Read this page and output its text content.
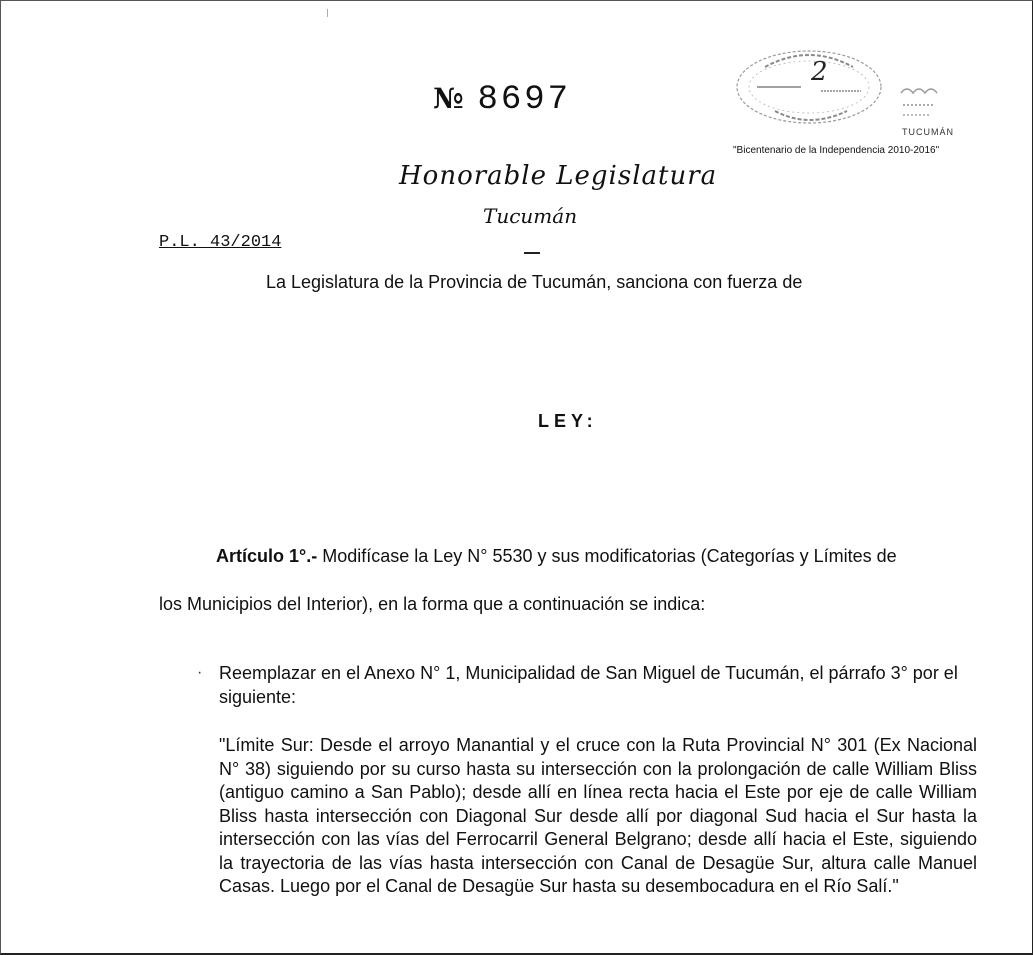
№ 8697
2
TUCUMÁN
"Bicentenario de la Independencia 2010-2016"
Honorable Legislatura
Tucumán
P.L. 43/2014
La Legislatura de la Provincia de Tucumán, sanciona con fuerza de
LEY:
Artículo 1°.- Modifícase la Ley N° 5530 y sus modificatorias (Categorías y Límites de
los Municipios del Interior), en la forma que a continuación se indica:
· Reemplazar en el Anexo N° 1, Municipalidad de San Miguel de Tucumán, el párrafo 3° por el siguiente:
"Límite Sur: Desde el arroyo Manantial y el cruce con la Ruta Provincial N° 301 (Ex Nacional N° 38) siguiendo por su curso hasta su intersección con la prolongación de calle William Bliss (antiguo camino a San Pablo); desde allí en línea recta hacia el Este por eje de calle William Bliss hasta intersección con Diagonal Sur desde allí por diagonal Sud hacia el Sur hasta la intersección con las vías del Ferrocarril General Belgrano; desde allí hacia el Este, siguiendo la trayectoria de las vías hasta intersección con Canal de Desagüe Sur, altura calle Manuel Casas. Luego por el Canal de Desagüe Sur hasta su desembocadura en el Río Salí."
